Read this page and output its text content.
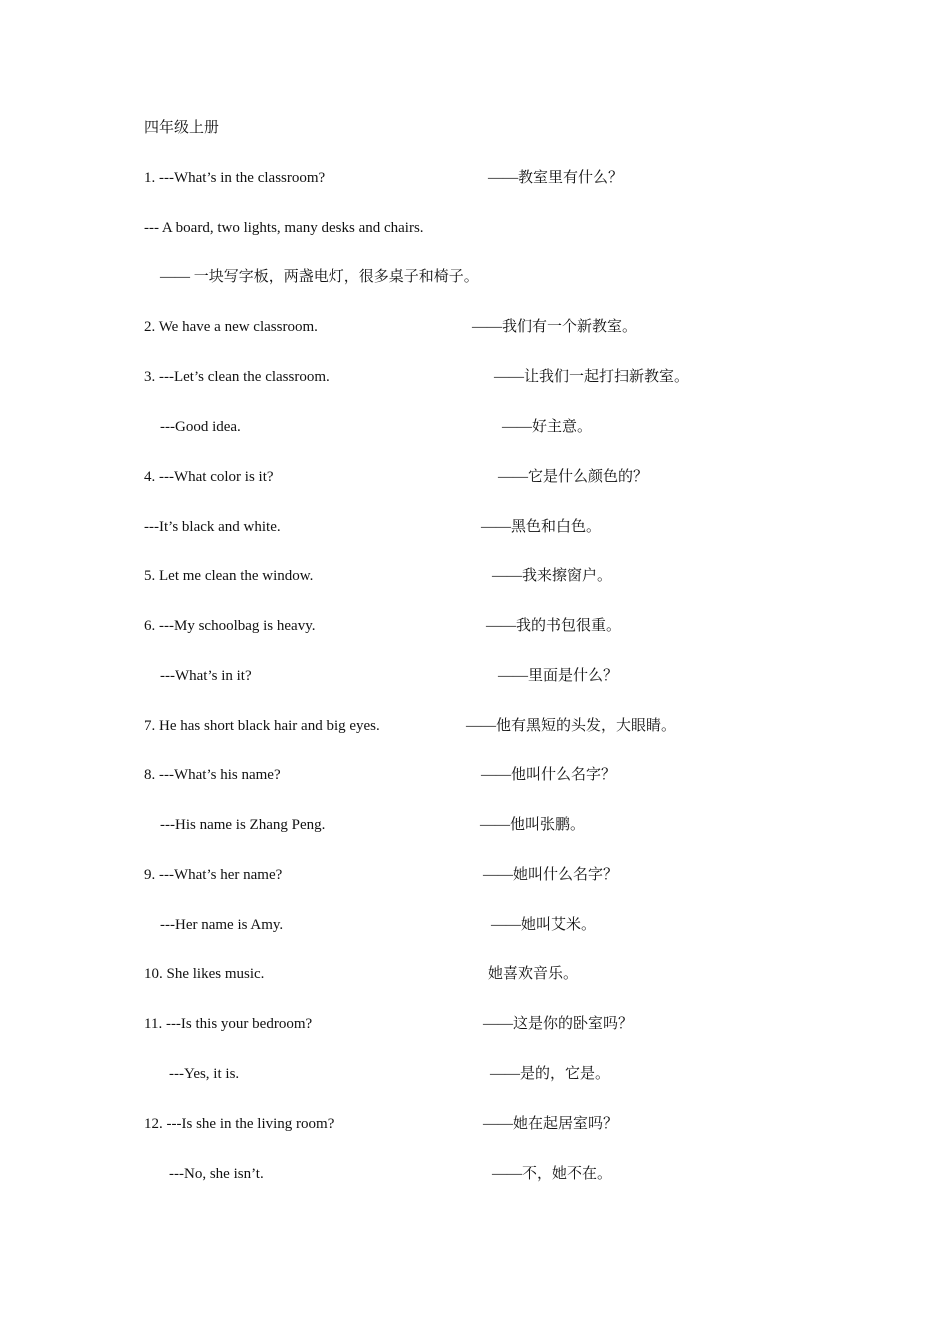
四年级上册
1. ---What’s in the classroom?	——教室里有什么？
--- A board, two lights, many desks and chairs.
—— 一块写字板，两盏电灯，很多桌子和椅子。
2. We have a new classroom.	——我们有一个新教室。
3. ---Let’s clean the classroom.	——让我们一起打扫新教室。
---Good idea.	——好主意。
4. ---What color is it?	——它是什么颜色的？
---It’s black and white.	——黑色和白色。
5. Let me clean the window.	——我来擦窗户。
6. ---My schoolbag is heavy.	——我的书包很重。
---What’s in it?	——里面是什么？
7. He has short black hair and big eyes.	——他有黑短的头发，大眼睛。
8. ---What’s his name?	——他叫什么名字？
---His name is Zhang Peng.	——他叫张鹏。
9. ---What’s her name?	——她叫什么名字？
---Her name is Amy.	——她叫艾米。
10. She likes music.	她喜欢音乐。
11. ---Is this your bedroom?	——这是你的卧室吗？
---Yes, it is.	——是的，它是。
12. ---Is she in the living room?	——她在起居室吗？
---No, she isn’t.	——不，她不在。
